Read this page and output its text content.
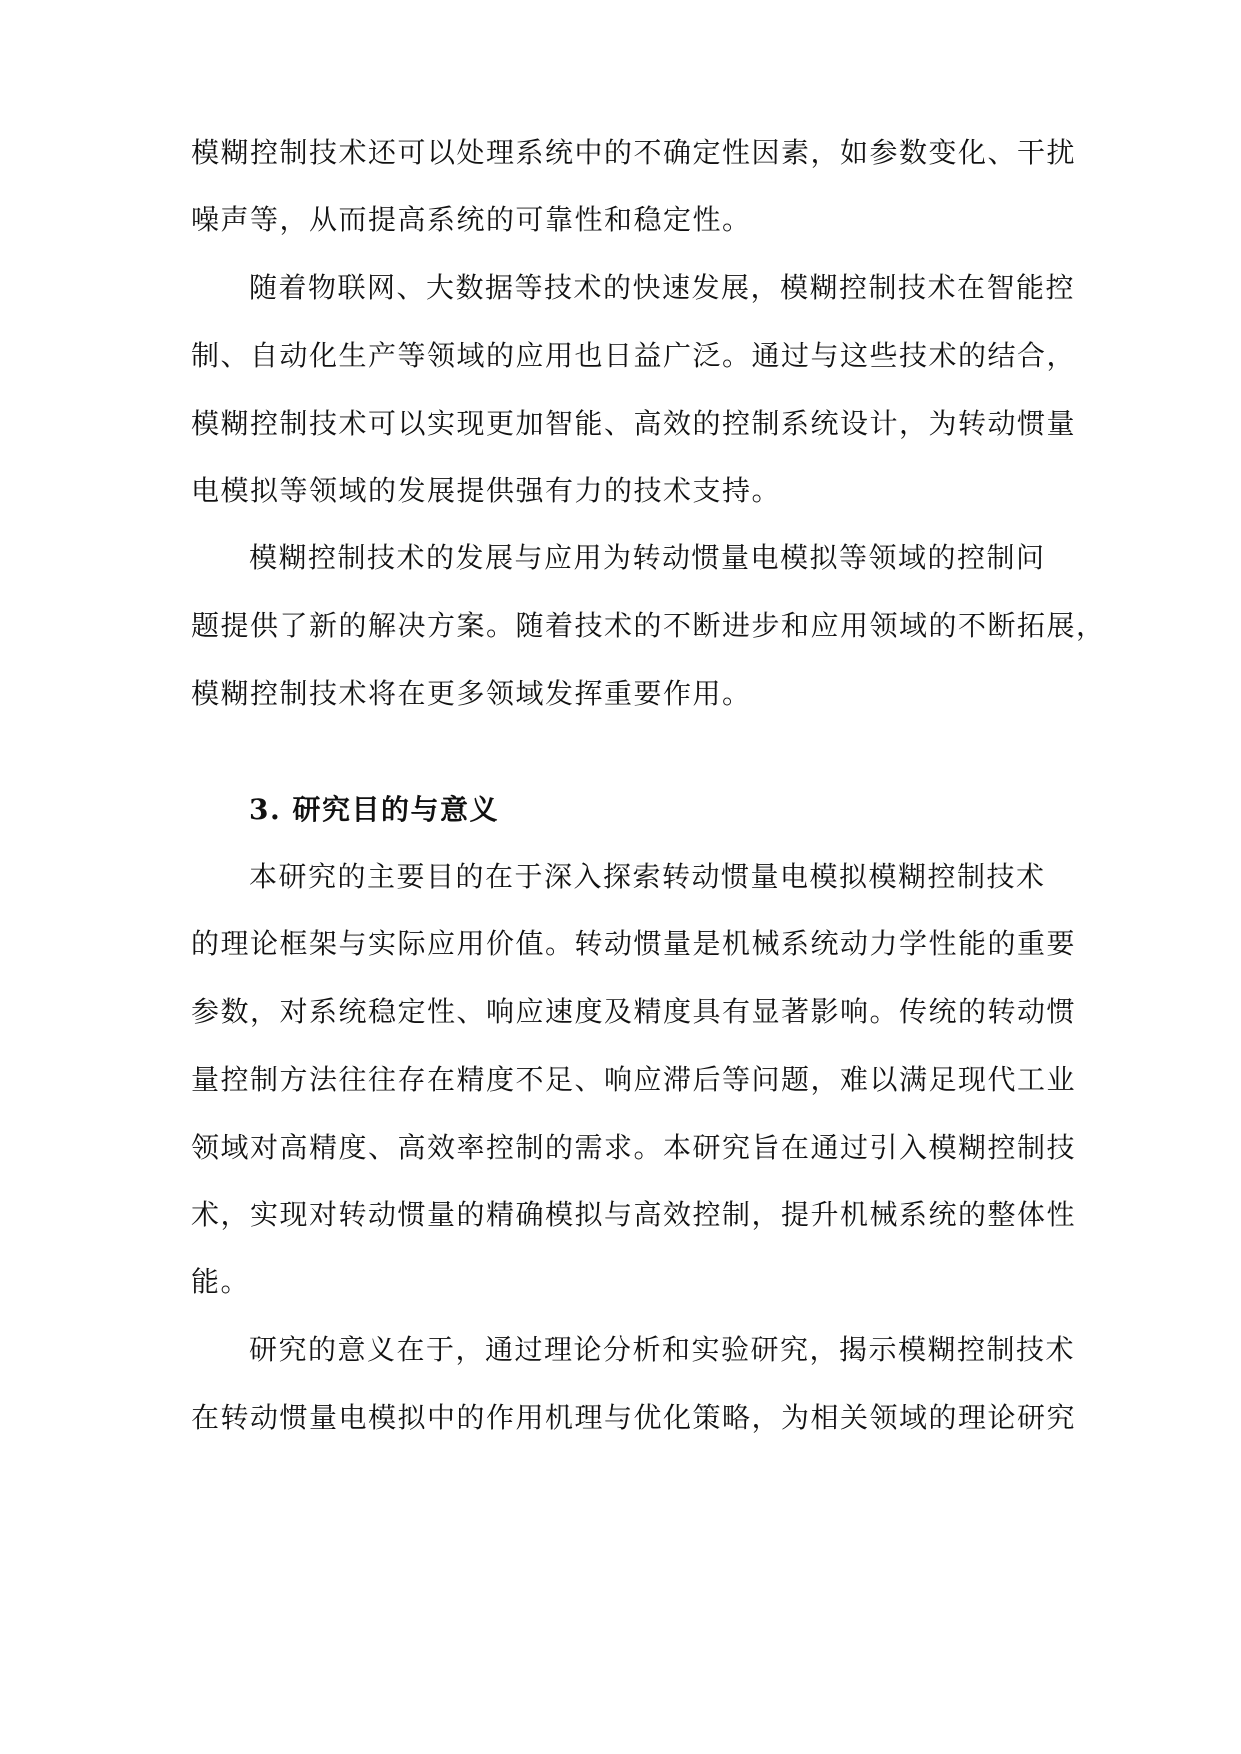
模糊控制技术还可以处理系统中的不确定性因素，如参数变化、干扰
噪声等，从而提高系统的可靠性和稳定性。
随着物联网、大数据等技术的快速发展，模糊控制技术在智能控
制、自动化生产等领域的应用也日益广泛。通过与这些技术的结合，
模糊控制技术可以实现更加智能、高效的控制系统设计，为转动惯量
电模拟等领域的发展提供强有力的技术支持。
模糊控制技术的发展与应用为转动惯量电模拟等领域的控制问
题提供了新的解决方案。随着技术的不断进步和应用领域的不断拓展，
模糊控制技术将在更多领域发挥重要作用。
3. 研究目的与意义
本研究的主要目的在于深入探索转动惯量电模拟模糊控制技术
的理论框架与实际应用价值。转动惯量是机械系统动力学性能的重要
参数，对系统稳定性、响应速度及精度具有显著影响。传统的转动惯
量控制方法往往存在精度不足、响应滞后等问题，难以满足现代工业
领域对高精度、高效率控制的需求。本研究旨在通过引入模糊控制技
术，实现对转动惯量的精确模拟与高效控制，提升机械系统的整体性
能。
研究的意义在于，通过理论分析和实验研究，揭示模糊控制技术
在转动惯量电模拟中的作用机理与优化策略，为相关领域的理论研究
